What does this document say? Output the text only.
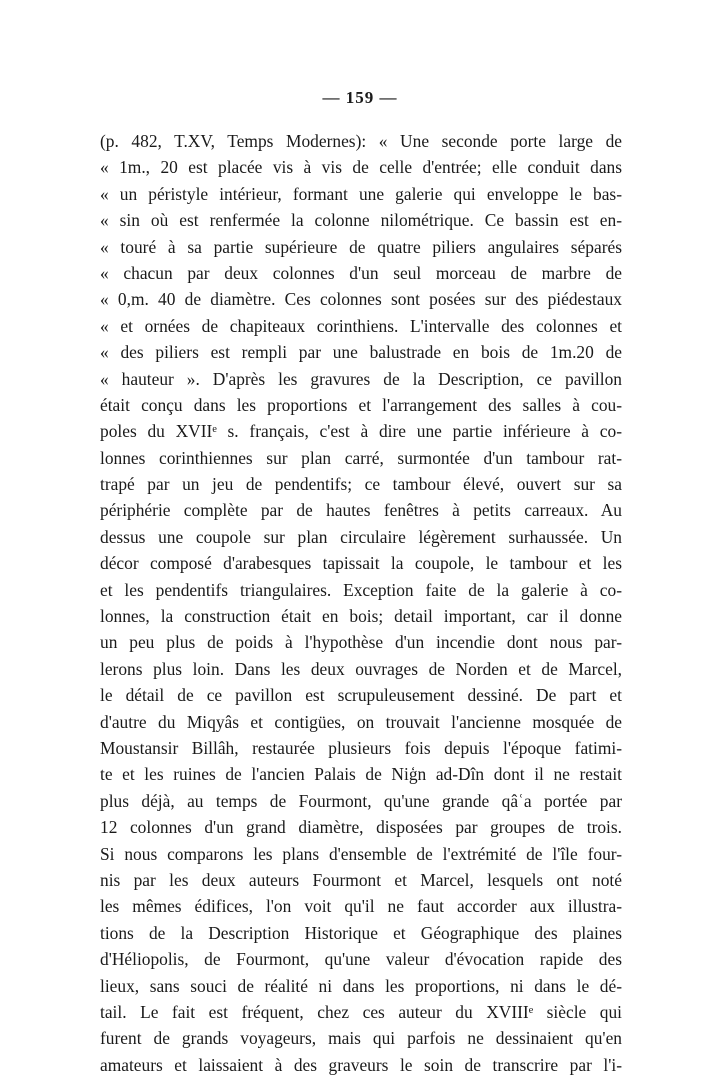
— 159 —
(p. 482, T.XV, Temps Modernes): « Une seconde porte large de
« 1m., 20 est placée vis à vis de celle d'entrée; elle conduit dans
« un péristyle intérieur, formant une galerie qui enveloppe le bas-
« sin où est renfermée la colonne nilométrique. Ce bassin est en-
« touré à sa partie supérieure de quatre piliers angulaires séparés
« chacun par deux colonnes d'un seul morceau de marbre de
« 0,m. 40 de diamètre. Ces colonnes sont posées sur des piédestaux
« et ornées de chapiteaux corinthiens. L'intervalle des colonnes et
« des piliers est rempli par une balustrade en bois de 1m.20 de
« hauteur ». D'après les gravures de la Description, ce pavillon
était conçu dans les proportions et l'arrangement des salles à cou-
poles du XVIIᵉ s. français, c'est à dire une partie inférieure à co-
lonnes corinthiennes sur plan carré, surmontée d'un tambour rat-
trapé par un jeu de pendentifs; ce tambour élevé, ouvert sur sa
périphérie complète par de hautes fenêtres à petits carreaux. Au
dessus une coupole sur plan circulaire légèrement surhaussée. Un
décor composé d'arabesques tapissait la coupole, le tambour et les
et les pendentifs triangulaires. Exception faite de la galerie à co-
lonnes, la construction était en bois; detail important, car il donne
un peu plus de poids à l'hypothèse d'un incendie dont nous par-
lerons plus loin. Dans les deux ouvrages de Norden et de Marcel,
le détail de ce pavillon est scrupuleusement dessiné. De part et
d'autre du Miqyâs et contigües, on trouvait l'ancienne mosquée de
Moustansir Billâh, restaurée plusieurs fois depuis l'époque fatimi-
te et les ruines de l'ancien Palais de Niģn ad-Dîn dont il ne restait
plus déjà, au temps de Fourmont, qu'une grande qâʿa portée par
12 colonnes d'un grand diamètre, disposées par groupes de trois.
Si nous comparons les plans d'ensemble de l'extrémité de l'île four-
nis par les deux auteurs Fourmont et Marcel, lesquels ont noté
les mêmes édifices, l'on voit qu'il ne faut accorder aux illustra-
tions de la Description Historique et Géographique des plaines
d'Héliopolis, de Fourmont, qu'une valeur d'évocation rapide des
lieux, sans souci de réalité ni dans les proportions, ni dans le dé-
tail. Le fait est fréquent, chez ces auteur du XVIIIᵉ siècle qui
furent de grands voyageurs, mais qui parfois ne dessinaient qu'en
amateurs et laissaient à des graveurs le soin de transcrire par l'i-
